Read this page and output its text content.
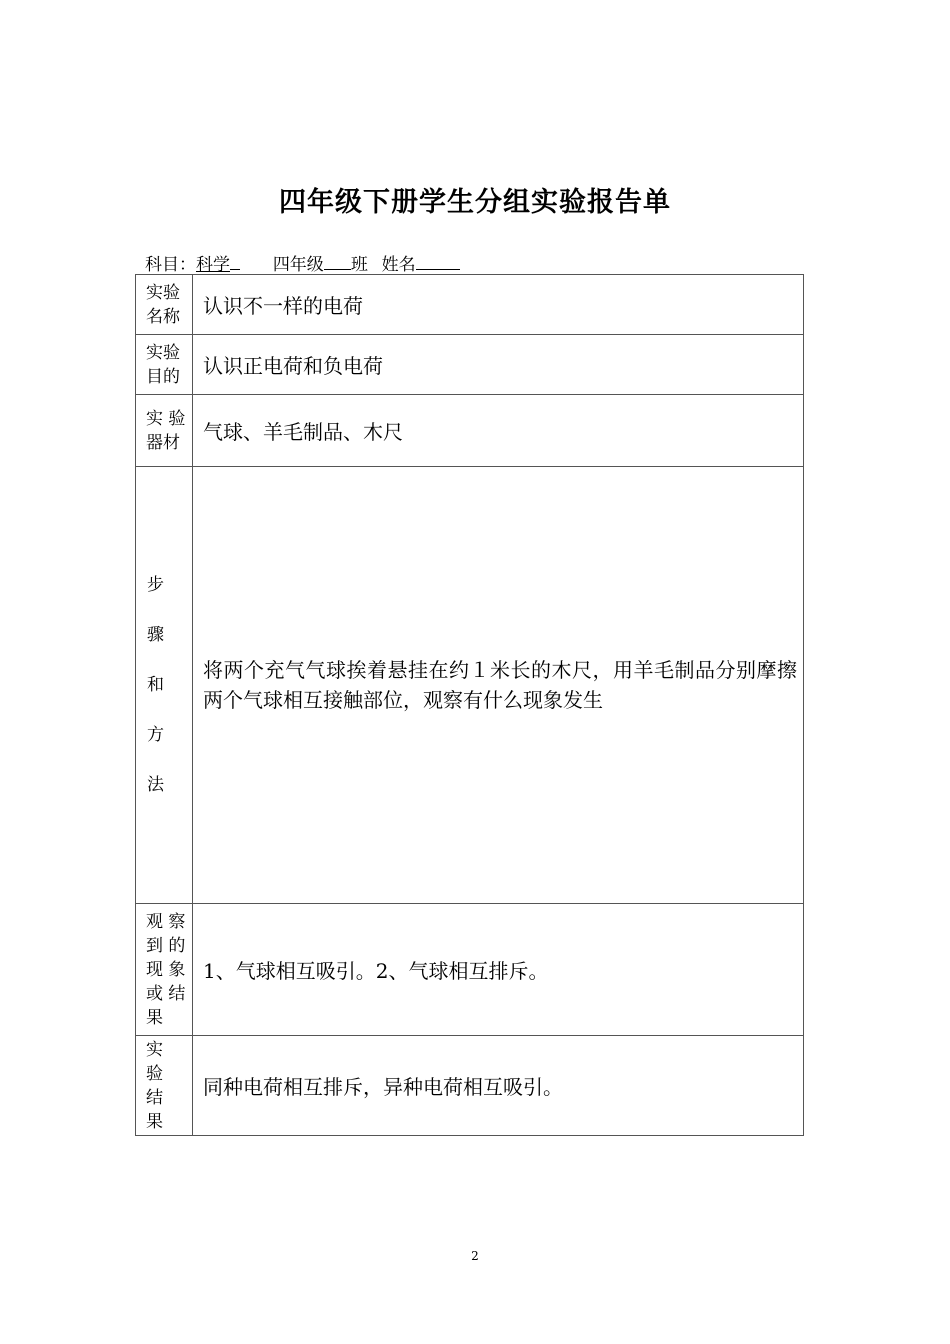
四年级下册学生分组实验报告单
科目：科学	四年级 班 姓名
实验
名称	认识不一样的电荷
实验
目的	认识正电荷和负电荷
实 验
器材	气球、羊毛制品、木尺

步
骤
和
方
法	将两个充气气球挨着悬挂在约１米长的木尺，用羊毛制品分别摩擦两个气球相互接触部位，观察有什么现象发生

观 察
到 的
现 象
或 结
果	1、气球相互吸引。2、气球相互排斥。
实
验
结
果	同种电荷相互排斥，异种电荷相互吸引。
2
